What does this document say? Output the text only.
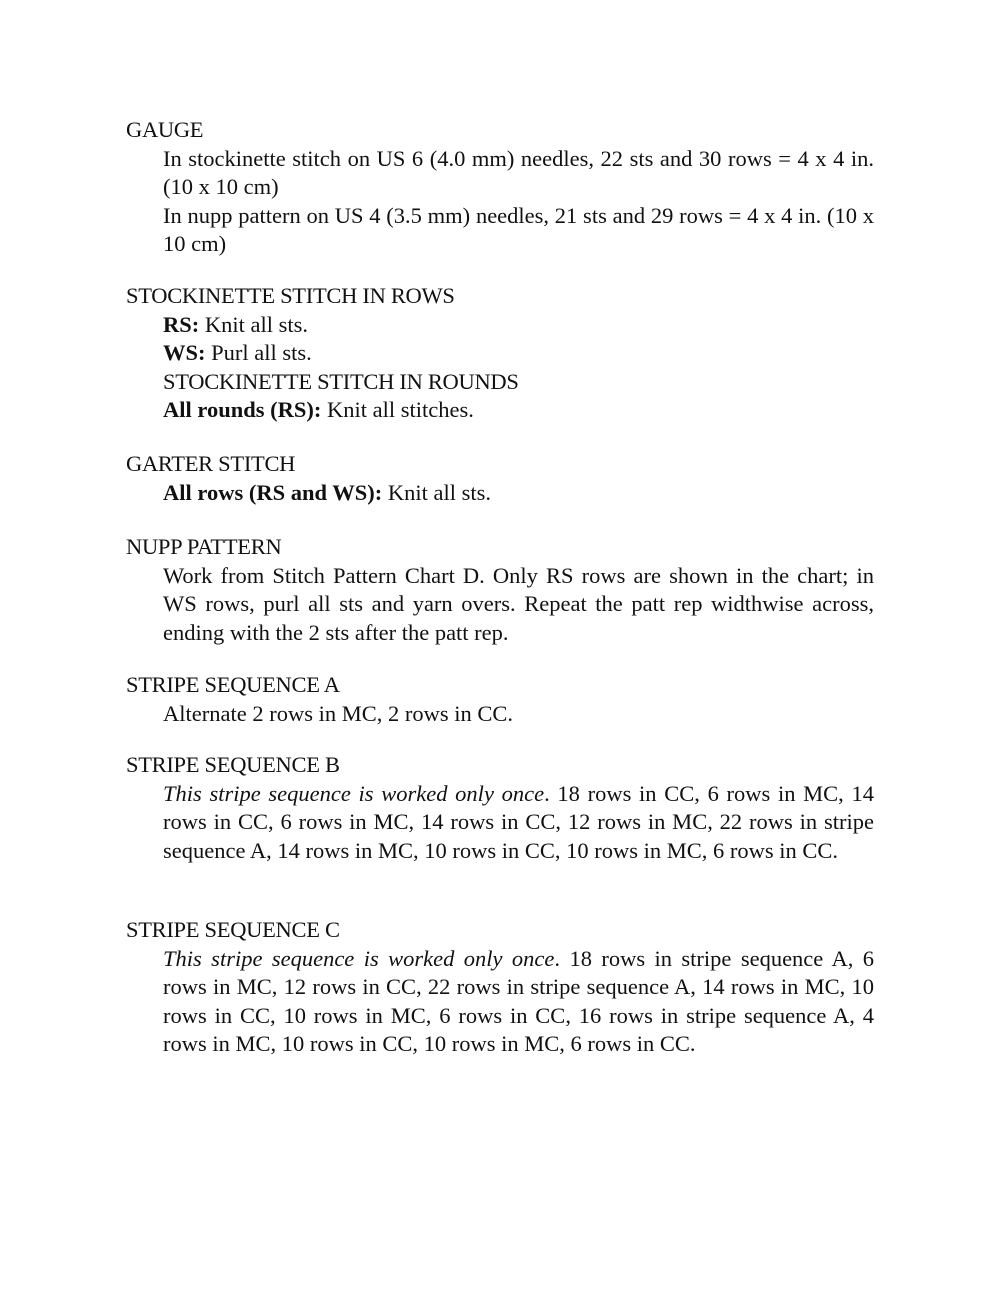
GAUGE

In stockinette stitch on US 6 (4.0 mm) needles, 22 sts and 30 rows = 4 x 4 in. (10 x 10 cm)

In nupp pattern on US 4 (3.5 mm) needles, 21 sts and 29 rows = 4 x 4 in. (10 x 10 cm)

STOCKINETTE STITCH IN ROWS

RS: Knit all sts.

WS: Purl all sts.

STOCKINETTE STITCH IN ROUNDS

All rounds (RS): Knit all stitches.

GARTER STITCH

All rows (RS and WS): Knit all sts.

NUPP PATTERN

Work from Stitch Pattern Chart D. Only RS rows are shown in the chart; in WS rows, purl all sts and yarn overs. Repeat the patt rep widthwise across, ending with the 2 sts after the patt rep.

STRIPE SEQUENCE A

Alternate 2 rows in MC, 2 rows in CC.

STRIPE SEQUENCE B

This stripe sequence is worked only once. 18 rows in CC, 6 rows in MC, 14 rows in CC, 6 rows in MC, 14 rows in CC, 12 rows in MC, 22 rows in stripe sequence A, 14 rows in MC, 10 rows in CC, 10 rows in MC, 6 rows in CC.

STRIPE SEQUENCE C

This stripe sequence is worked only once. 18 rows in stripe sequence A, 6 rows in MC, 12 rows in CC, 22 rows in stripe sequence A, 14 rows in MC, 10 rows in CC, 10 rows in MC, 6 rows in CC, 16 rows in stripe sequence A, 4 rows in MC, 10 rows in CC, 10 rows in MC, 6 rows in CC.
